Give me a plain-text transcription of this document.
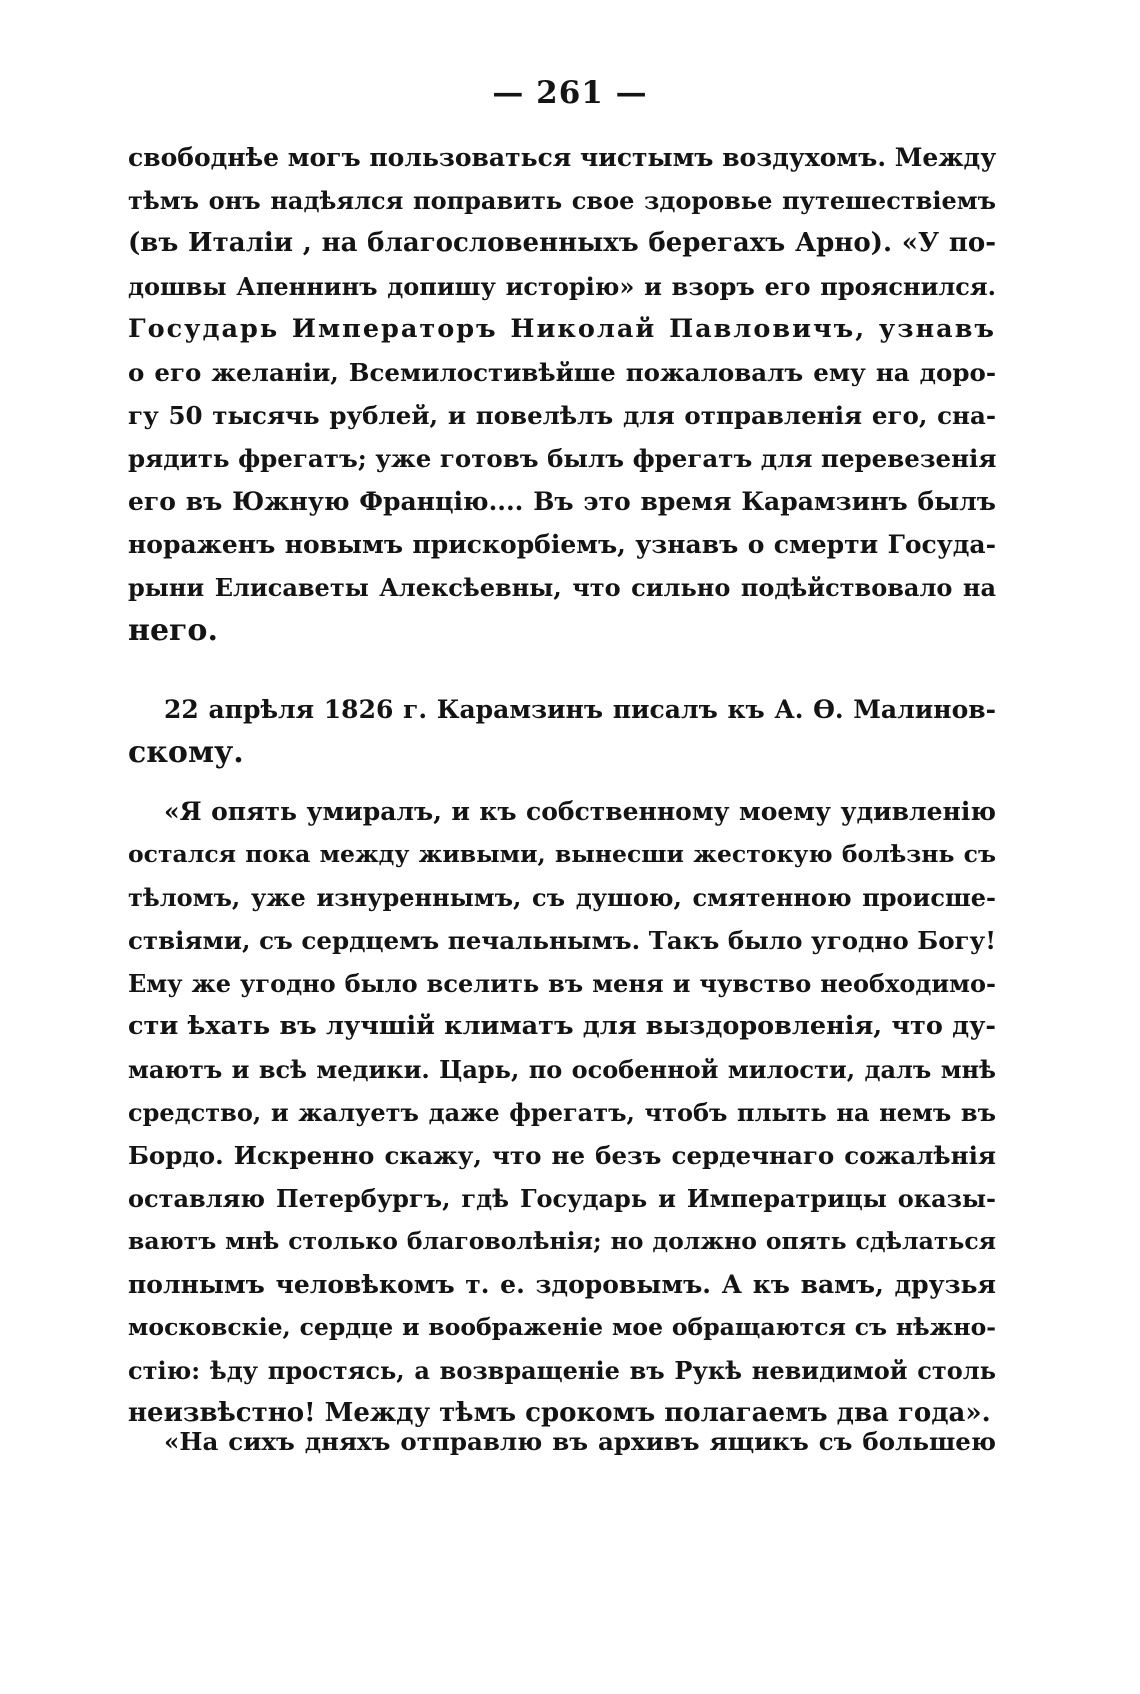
— 261 —
свободнѣе могъ пользоваться чистымъ воздухомъ. Между
тѣмъ онъ надѣялся поправить свое здоровье путешествіемъ
(въ Италіи , на благословенныхъ берегахъ Арно). «У по-
дошвы Апеннинъ допишу исторію» и взоръ его прояснился.
Государь Императоръ Николай Павловичъ, узнавъ
о его желаніи, Всемилостивѣйше пожаловалъ ему на доро-
гу 50 тысячь рублей, и повелѣлъ для отправленія его, сна-
рядить фрегатъ; уже готовъ былъ фрегатъ для перевезенія
его въ Южную Францію.... Въ это время Карамзинъ былъ
нораженъ новымъ прискорбіемъ, узнавъ о смерти Госуда-
рыни Елисаветы Алексѣевны, что сильно подѣйствовало на
него.
22 апрѣля 1826 г. Карамзинъ писалъ къ А. Ѳ. Малинов-
скому.
«Я опять умиралъ, и къ собственному моему удивленію
остался пока между живыми, вынесши жестокую болѣзнь съ
тѣломъ, уже изнуреннымъ, съ душою, смятенною происше-
ствіями, съ сердцемъ печальнымъ. Такъ было угодно Богу!
Ему же угодно было вселить въ меня и чувство необходимо-
сти ѣхать въ лучшій климатъ для выздоровленія, что ду-
маютъ и всѣ медики. Царь, по особенной милости, далъ мнѣ
средство, и жалуетъ даже фрегатъ, чтобъ плыть на немъ въ
Бордо. Искренно скажу, что не безъ сердечнаго сожалѣнія
оставляю Петербургъ, гдѣ Государь и Императрицы оказы-
ваютъ мнѣ столько благоволѣнія; но должно опять сдѣлаться
полнымъ человѣкомъ т. е. здоровымъ. А къ вамъ, друзья
московскіе, сердце и воображеніе мое обращаются съ нѣжно-
стію: ѣду простясь, а возвращеніе въ Рукѣ невидимой столь
неизвѣстно! Между тѣмъ срокомъ полагаемъ два года».
«На сихъ дняхъ отправлю въ архивъ ящикъ съ большею
